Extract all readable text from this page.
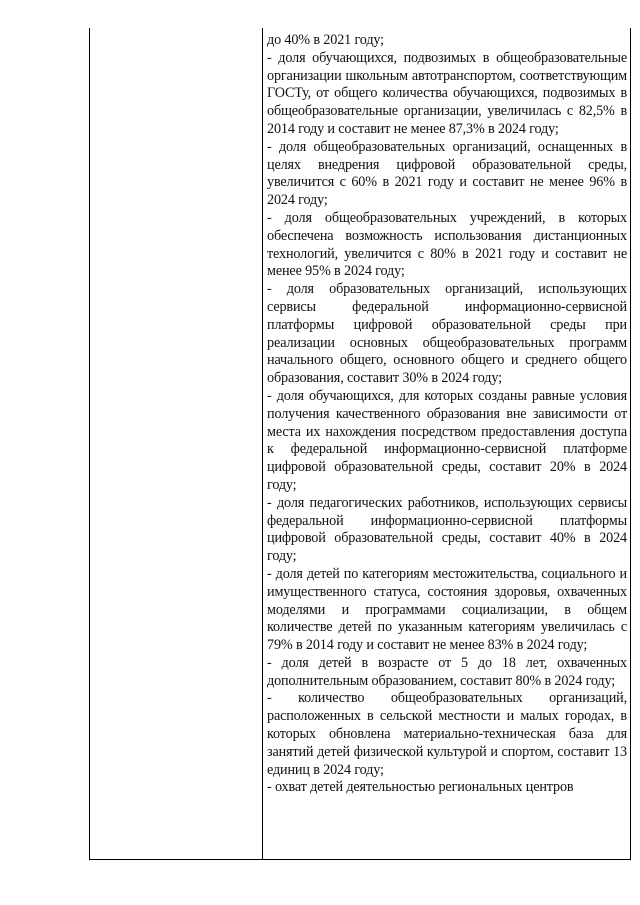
до 40% в 2021 году;

- доля обучающихся, подвозимых в общеобразовательные организации школьным автотранспортом, соответствующим ГОСТу, от общего количества обучающихся, подвозимых в общеобразовательные организации, увеличилась с 82,5% в 2014 году и составит не менее 87,3% в 2024 году;

- доля общеобразовательных организаций, оснащенных в целях внедрения цифровой образовательной среды, увеличится с 60% в 2021 году и составит не менее 96% в 2024 году;

- доля общеобразовательных учреждений, в которых обеспечена возможность использования дистанционных технологий, увеличится с 80% в 2021 году и составит не менее 95% в 2024 году;

- доля образовательных организаций, использующих сервисы федеральной информационно-сервисной платформы цифровой образовательной среды при реализации основных общеобразовательных программ начального общего, основного общего и среднего общего образования, составит 30% в 2024 году;

- доля обучающихся, для которых созданы равные условия получения качественного образования вне зависимости от места их нахождения посредством предоставления доступа к федеральной информационно-сервисной платформе цифровой образовательной среды, составит 20% в 2024 году;

- доля педагогических работников, использующих сервисы федеральной информационно-сервисной платформы цифровой образовательной среды, составит 40% в 2024 году;

- доля детей по категориям местожительства, социального и имущественного статуса, состояния здоровья, охваченных моделями и программами социализации, в общем количестве детей по указанным категориям увеличилась с 79% в 2014 году и составит не менее 83% в 2024 году;

- доля детей в возрасте от 5 до 18 лет, охваченных дополнительным образованием, составит 80% в 2024 году;

- количество общеобразовательных организаций, расположенных в сельской местности и малых городах, в которых обновлена материально-техническая база для занятий детей физической культурой и спортом, составит 13 единиц в 2024 году;

- охват детей деятельностью региональных центров
